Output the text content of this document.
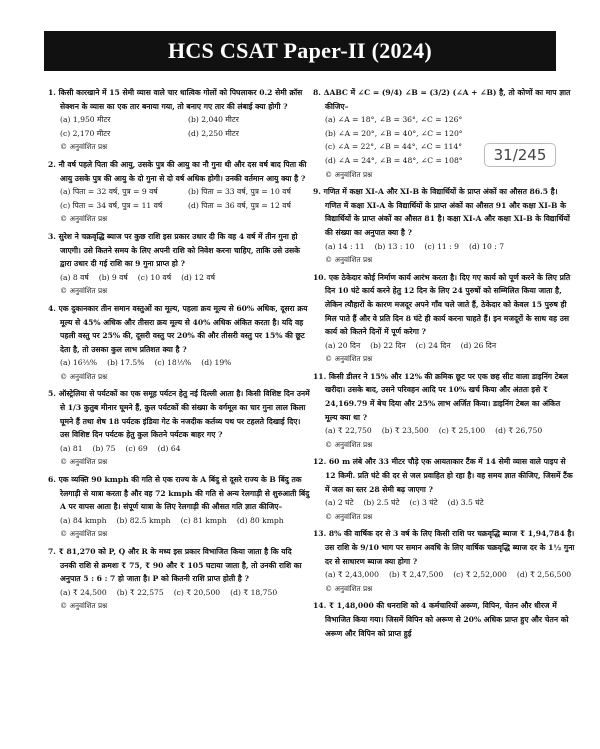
HCS CSAT Paper-II (2024)
31/245
1. किसी कारखाने में 15 सेमी व्यास वाले चार धात्विक गोलों को पिघलाकर 0.2 सेमी क्रॉस सेक्शन के व्यास का एक तार बनाया गया, तो बनाए गए तार की लंबाई क्या होगी ?
(a) 1,950 मीटर	(b) 2,040 मीटर
(c) 2,170 मीटर	(d) 2,250 मीटर
© अनुवांशित प्रश्न
2. नौ वर्ष पहले पिता की आयु, उसके पुत्र की आयु का नौ गुना थी और दस वर्ष बाद पिता की आयु उसके पुत्र की आयु के दो गुना से दो वर्ष अधिक होगी। उनकी वर्तमान आयु क्या है ?
(a) पिता = 32 वर्ष, पुत्र = 9 वर्ष	(b) पिता = 33 वर्ष, पुत्र = 10 वर्ष
(c) पिता = 34 वर्ष, पुत्र = 11 वर्ष	(d) पिता = 36 वर्ष, पुत्र = 12 वर्ष
© अनुवांशित प्रश्न
3. सुरेश ने चक्रवृद्धि ब्याज पर कुछ राशि इस प्रकार उधार दी कि वह 4 वर्ष में तीन गुना हो जाएगी। उसे कितने समय के लिए अपनी राशि को निवेश करना चाहिए, ताकि उसे उसके द्वारा उधार दी गई राशि का 9 गुना प्राप्त हो ?
(a) 8 वर्ष (b) 9 वर्ष (c) 10 वर्ष (d) 12 वर्ष
© अनुवांशित प्रश्न
4. एक दुकानकार तीन समान वस्तुओं का मूल्य, पहला क्रय मूल्य से 60% अधिक, दूसरा क्रय मूल्य से 45% अधिक और तीसरा क्रय मूल्य से 40% अधिक अंकित करता है। यदि वह पहली वस्तु पर 25% की, दूसरी वस्तु पर 20% की और तीसरी वस्तु पर 15% की छूट देता है, तो उसका कुल लाभ प्रतिशत क्या है ?
(a) 16⅔% (b) 17.5% (c) 18⅓% (d) 19%
© अनुवांशित प्रश्न
5. ऑस्ट्रेलिया से पर्यटकों का एक समूह पर्यटन हेतु नई दिल्ली आता है। किसी विशिष्ट दिन उनमें से 1/3 कुतुब मीनार घूमने हैं, कुल पर्यटकों की संख्या के वर्गमूल का चार गुना लाल किला घूमने हैं तथा शेष 18 पर्यटक इंडिया गेट के नजदीक कर्तव्य पथ पर टहलते दिखाई दिए। उस विशिष्ट दिन पर्यटक हेतु कुल कितने पर्यटक बाहर गए ?
(a) 81 (b) 75 (c) 69 (d) 64
© अनुवांशित प्रश्न
6. एक व्यक्ति 90 kmph की गति से एक राज्य के A बिंदु से दूसरे राज्य के B बिंदु तक रेलगाड़ी से यात्रा करता है और वह 72 kmph की गति से अन्य रेलगाड़ी से शुरुआती बिंदु A पर वापस आता है। संपूर्ण यात्रा के लिए रेलगाड़ी की औसत गति ज्ञात कीजिए–
(a) 84 kmph (b) 82.5 kmph (c) 81 kmph (d) 80 kmph
© अनुवांशित प्रश्न
7. ₹ 81,270 को P, Q और R के मध्य इस प्रकार विभाजित किया जाता है कि यदि उनकी राशि से क्रमशः ₹ 75, ₹ 90 और ₹ 105 घटाया जाता है, तो उनकी राशि का अनुपात 5 : 6 : 7 हो जाता है। P को कितनी राशि प्राप्त होती है ?
(a) ₹ 24,500 (b) ₹ 22,575 (c) ₹ 20,500 (d) ₹ 18,750
© अनुवांशित प्रश्न
8. ΔABC में ∠C = (9/4) ∠B = (3/2) (∠A + ∠B) है, तो कोणों का माप ज्ञात कीजिए–
(a) ∠A = 18°, ∠B = 36°, ∠C = 126°
(b) ∠A = 20°, ∠B = 40°, ∠C = 120°
(c) ∠A = 22°, ∠B = 44°, ∠C = 114°
(d) ∠A = 24°, ∠B = 48°, ∠C = 108°
© अनुवांशित प्रश्न
9. गणित में कक्षा XI-A और XI-B के विद्यार्थियों के प्राप्त अंकों का औसत 86.5 है। गणित में कक्षा XI-A के विद्यार्थियों के प्राप्त अंकों का औसत 91 और कक्षा XI-B के विद्यार्थियों के प्राप्त अंकों का औसत 81 है। कक्षा XI-A और कक्षा XI-B के विद्यार्थियों की संख्या का अनुपात क्या है ?
(a) 14 : 11 (b) 13 : 10 (c) 11 : 9 (d) 10 : 7
© अनुवांशित प्रश्न
10. एक ठेकेदार कोई निर्माण कार्य आरंभ करता है। दिए गए कार्य को पूर्ण करने के लिए प्रति दिन 10 घंटे कार्य करने हेतु 12 दिन के लिए 24 पुरुषों को सम्मिलित किया जाता है, लेकिन त्यौहारों के कारण मजदूर अपने गाँव चले जाते हैं, ठेकेदार को केवल 15 पुरुष ही मिल पाते हैं और वे प्रति दिन 8 घंटे ही कार्य करना चाहते हैं। इन मजदूरों के साथ वह उस कार्य को कितने दिनों में पूर्ण करेगा ?
(a) 20 दिन (b) 22 दिन (c) 24 दिन (d) 26 दिन
© अनुवांशित प्रश्न
11. किसी डीलर ने 15% और 12% की क्रमिक छूट पर एक छह सीट वाला डाइनिंग टेबल खरीदा। उसके बाद, उसने परिवहन आदि पर 10% खर्च किया और अंततः इसे ₹ 24,169.79 में बेच दिया और 25% लाभ अर्जित किया। डाइनिंग टेबल का अंकित मूल्य क्या था ?
(a) ₹ 22,750 (b) ₹ 23,500 (c) ₹ 25,100 (d) ₹ 26,750
© अनुवांशित प्रश्न
12. 60 m लंबे और 33 मीटर चौड़े एक आयताकार टैंक में 14 सेमी व्यास वाले पाइप से 12 किमी. प्रति घंटे की दर से जल प्रवाहित हो रहा है। वह समय ज्ञात कीजिए, जिसमें टैंक में जल का स्तर 28 सेमी बढ़ जाएगा ?
(a) 2 घंटे (b) 2.5 घंटे (c) 3 घंटे (d) 3.5 घंटे
© अनुवांशित प्रश्न
13. 8% की वार्षिक दर से 3 वर्ष के लिए किसी राशि पर चक्रवृद्धि ब्याज ₹ 1,94,784 है। उस राशि के 9/10 भाग पर समान अवधि के लिए वार्षिक चक्रवृद्धि ब्याज दर के 1½ गुना दर से साधारण ब्याज क्या होगा ?
(a) ₹ 2,43,000 (b) ₹ 2,47,500 (c) ₹ 2,52,000 (d) ₹ 2,56,500
© अनुवांशित प्रश्न
14. ₹ 1,48,000 की धनराशि को 4 कर्मचारियों अरूण, विपिन, चेतन और धीरज में विभाजित किया गया। जिसमें विपिन को अरूण से 20% अधिक प्राप्त हुए और चेतन को अरूण और विपिन को प्राप्त हुई
